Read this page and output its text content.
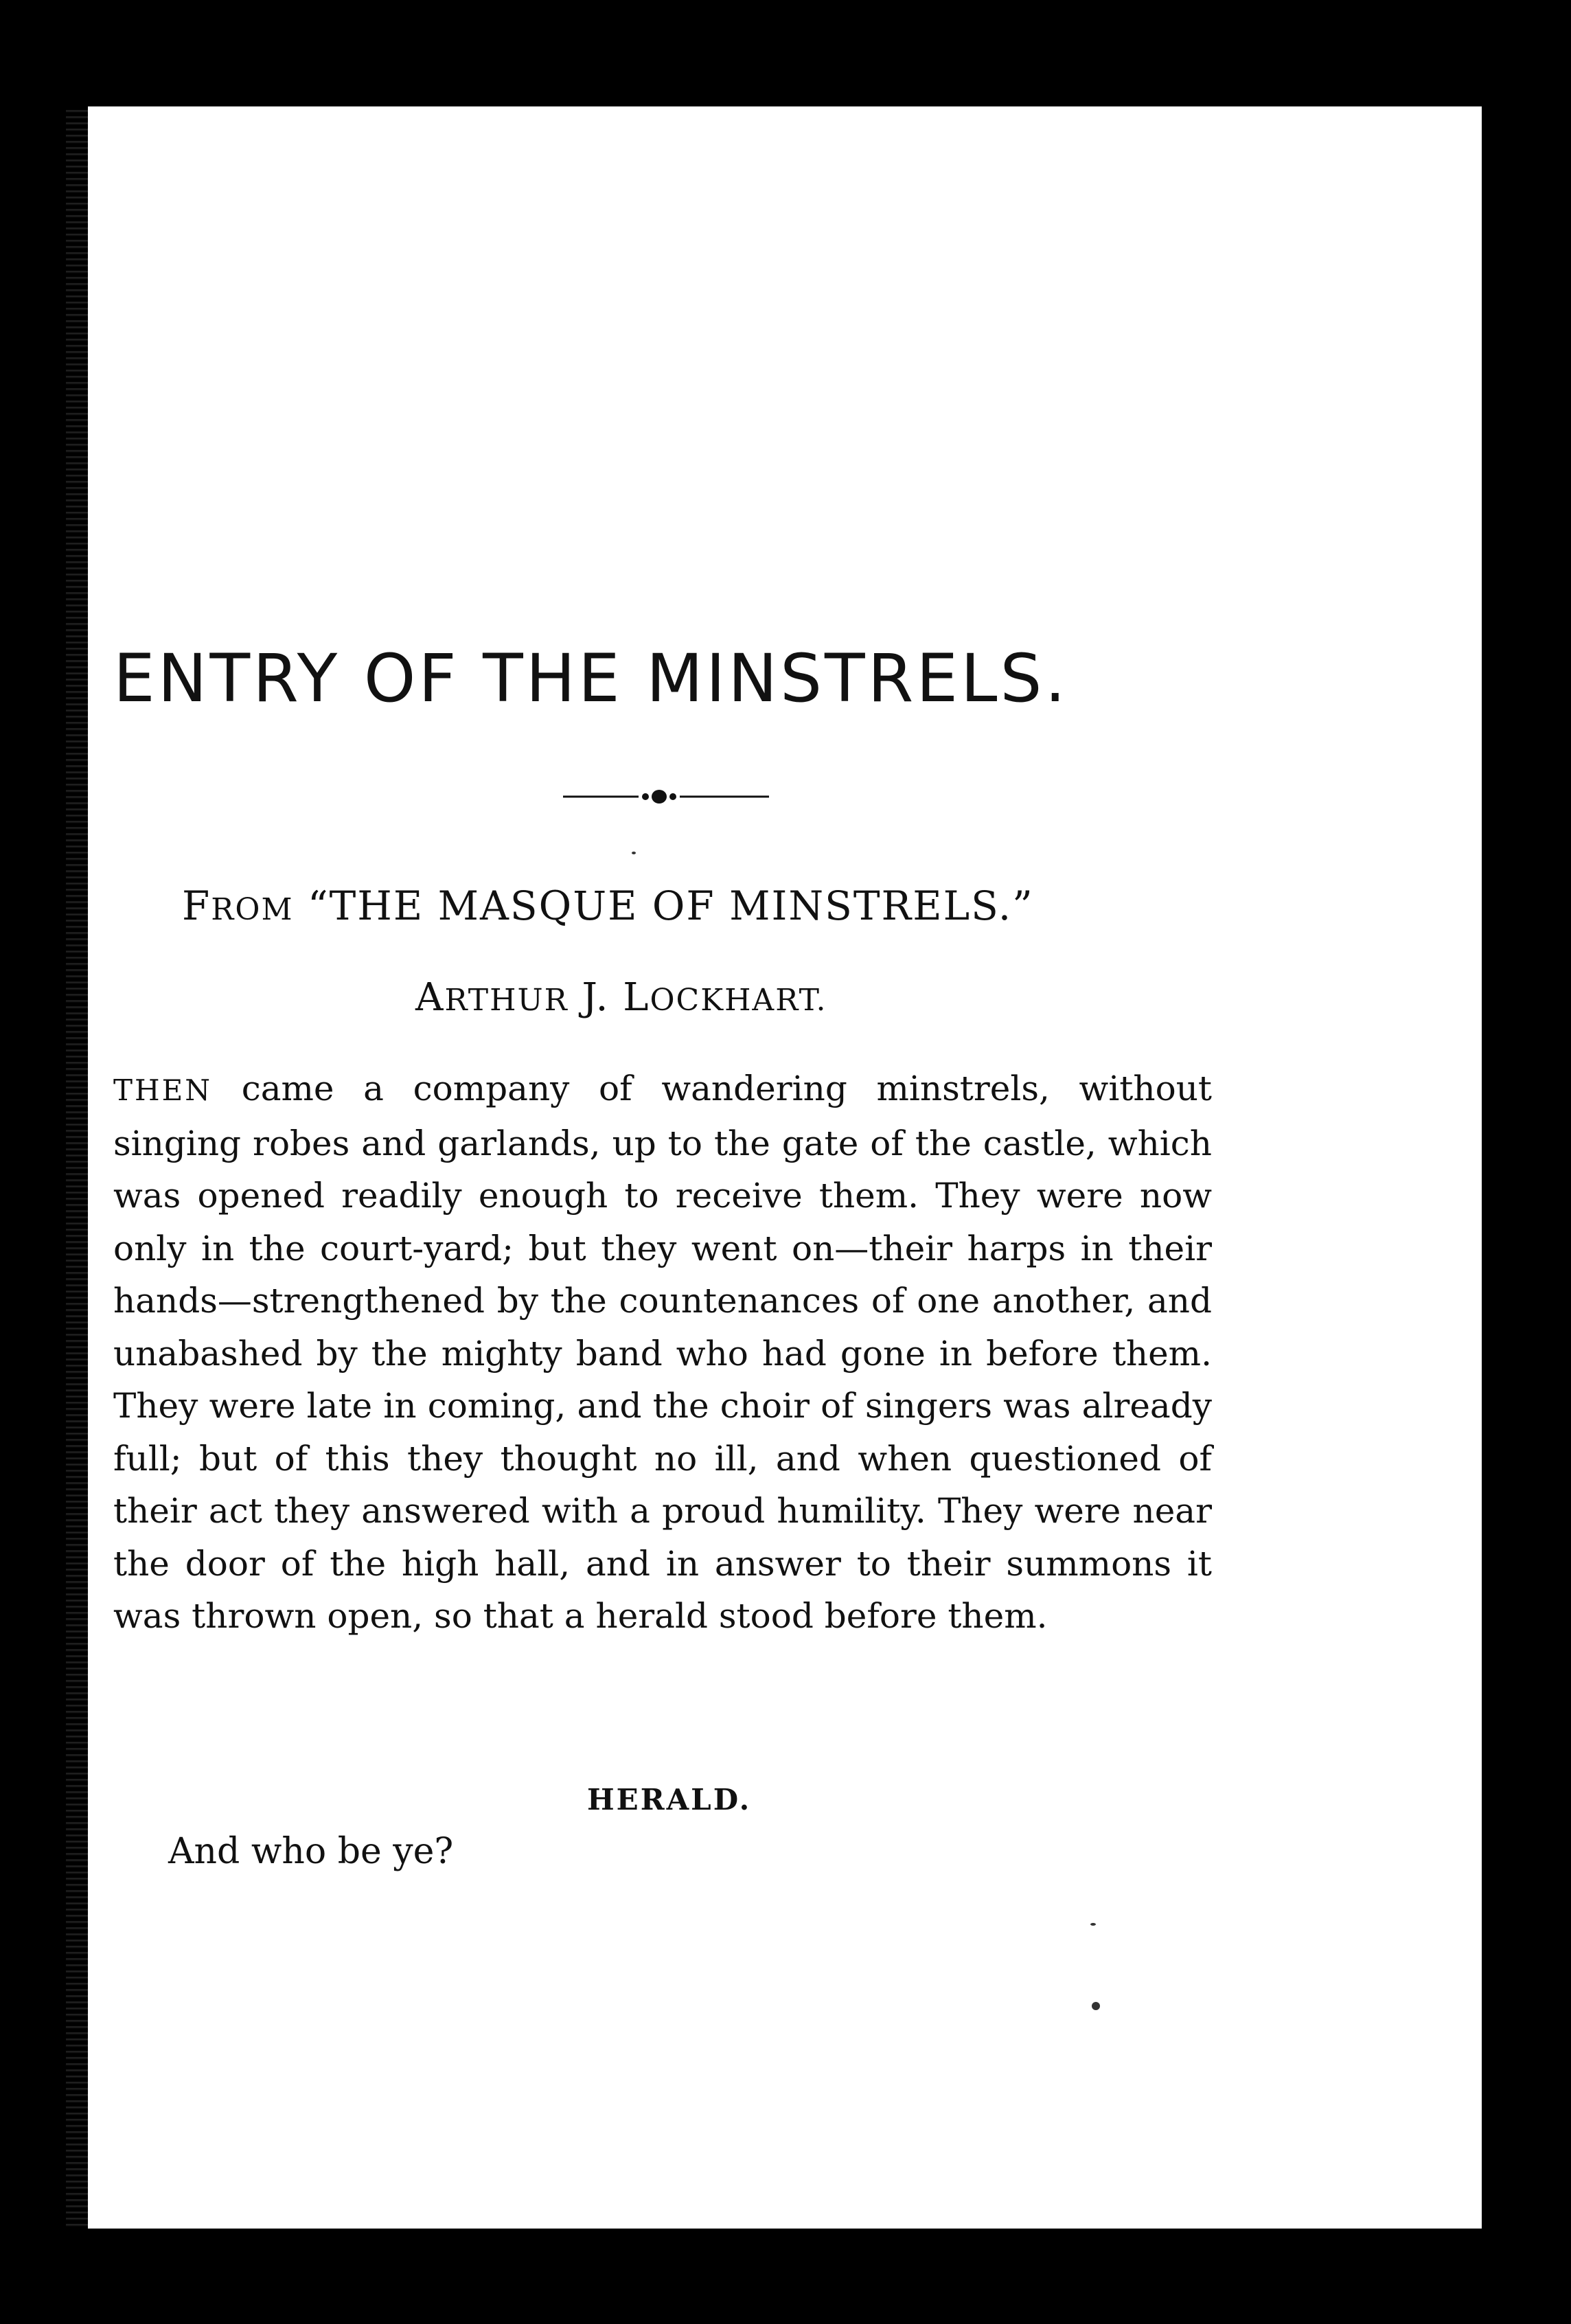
ENTRY OF THE MINSTRELS.
FROM “THE MASQUE OF MINSTRELS.”
ARTHUR J. LOCKHART.

THEN came a company of wandering minstrels, without singing robes and garlands, up to the gate of the castle, which was opened readily enough to receive them. They were now only in the court-yard; but they went on—their harps in their hands—strengthened by the countenances of one another, and unabashed by the mighty band who had gone in before them. They were late in coming, and the choir of singers was already full; but of this they thought no ill, and when questioned of their act they answered with a proud humility. They were near the door of the high hall, and in answer to their summons it was thrown open, so that a herald stood before them.

HERALD.
And who be ye?
